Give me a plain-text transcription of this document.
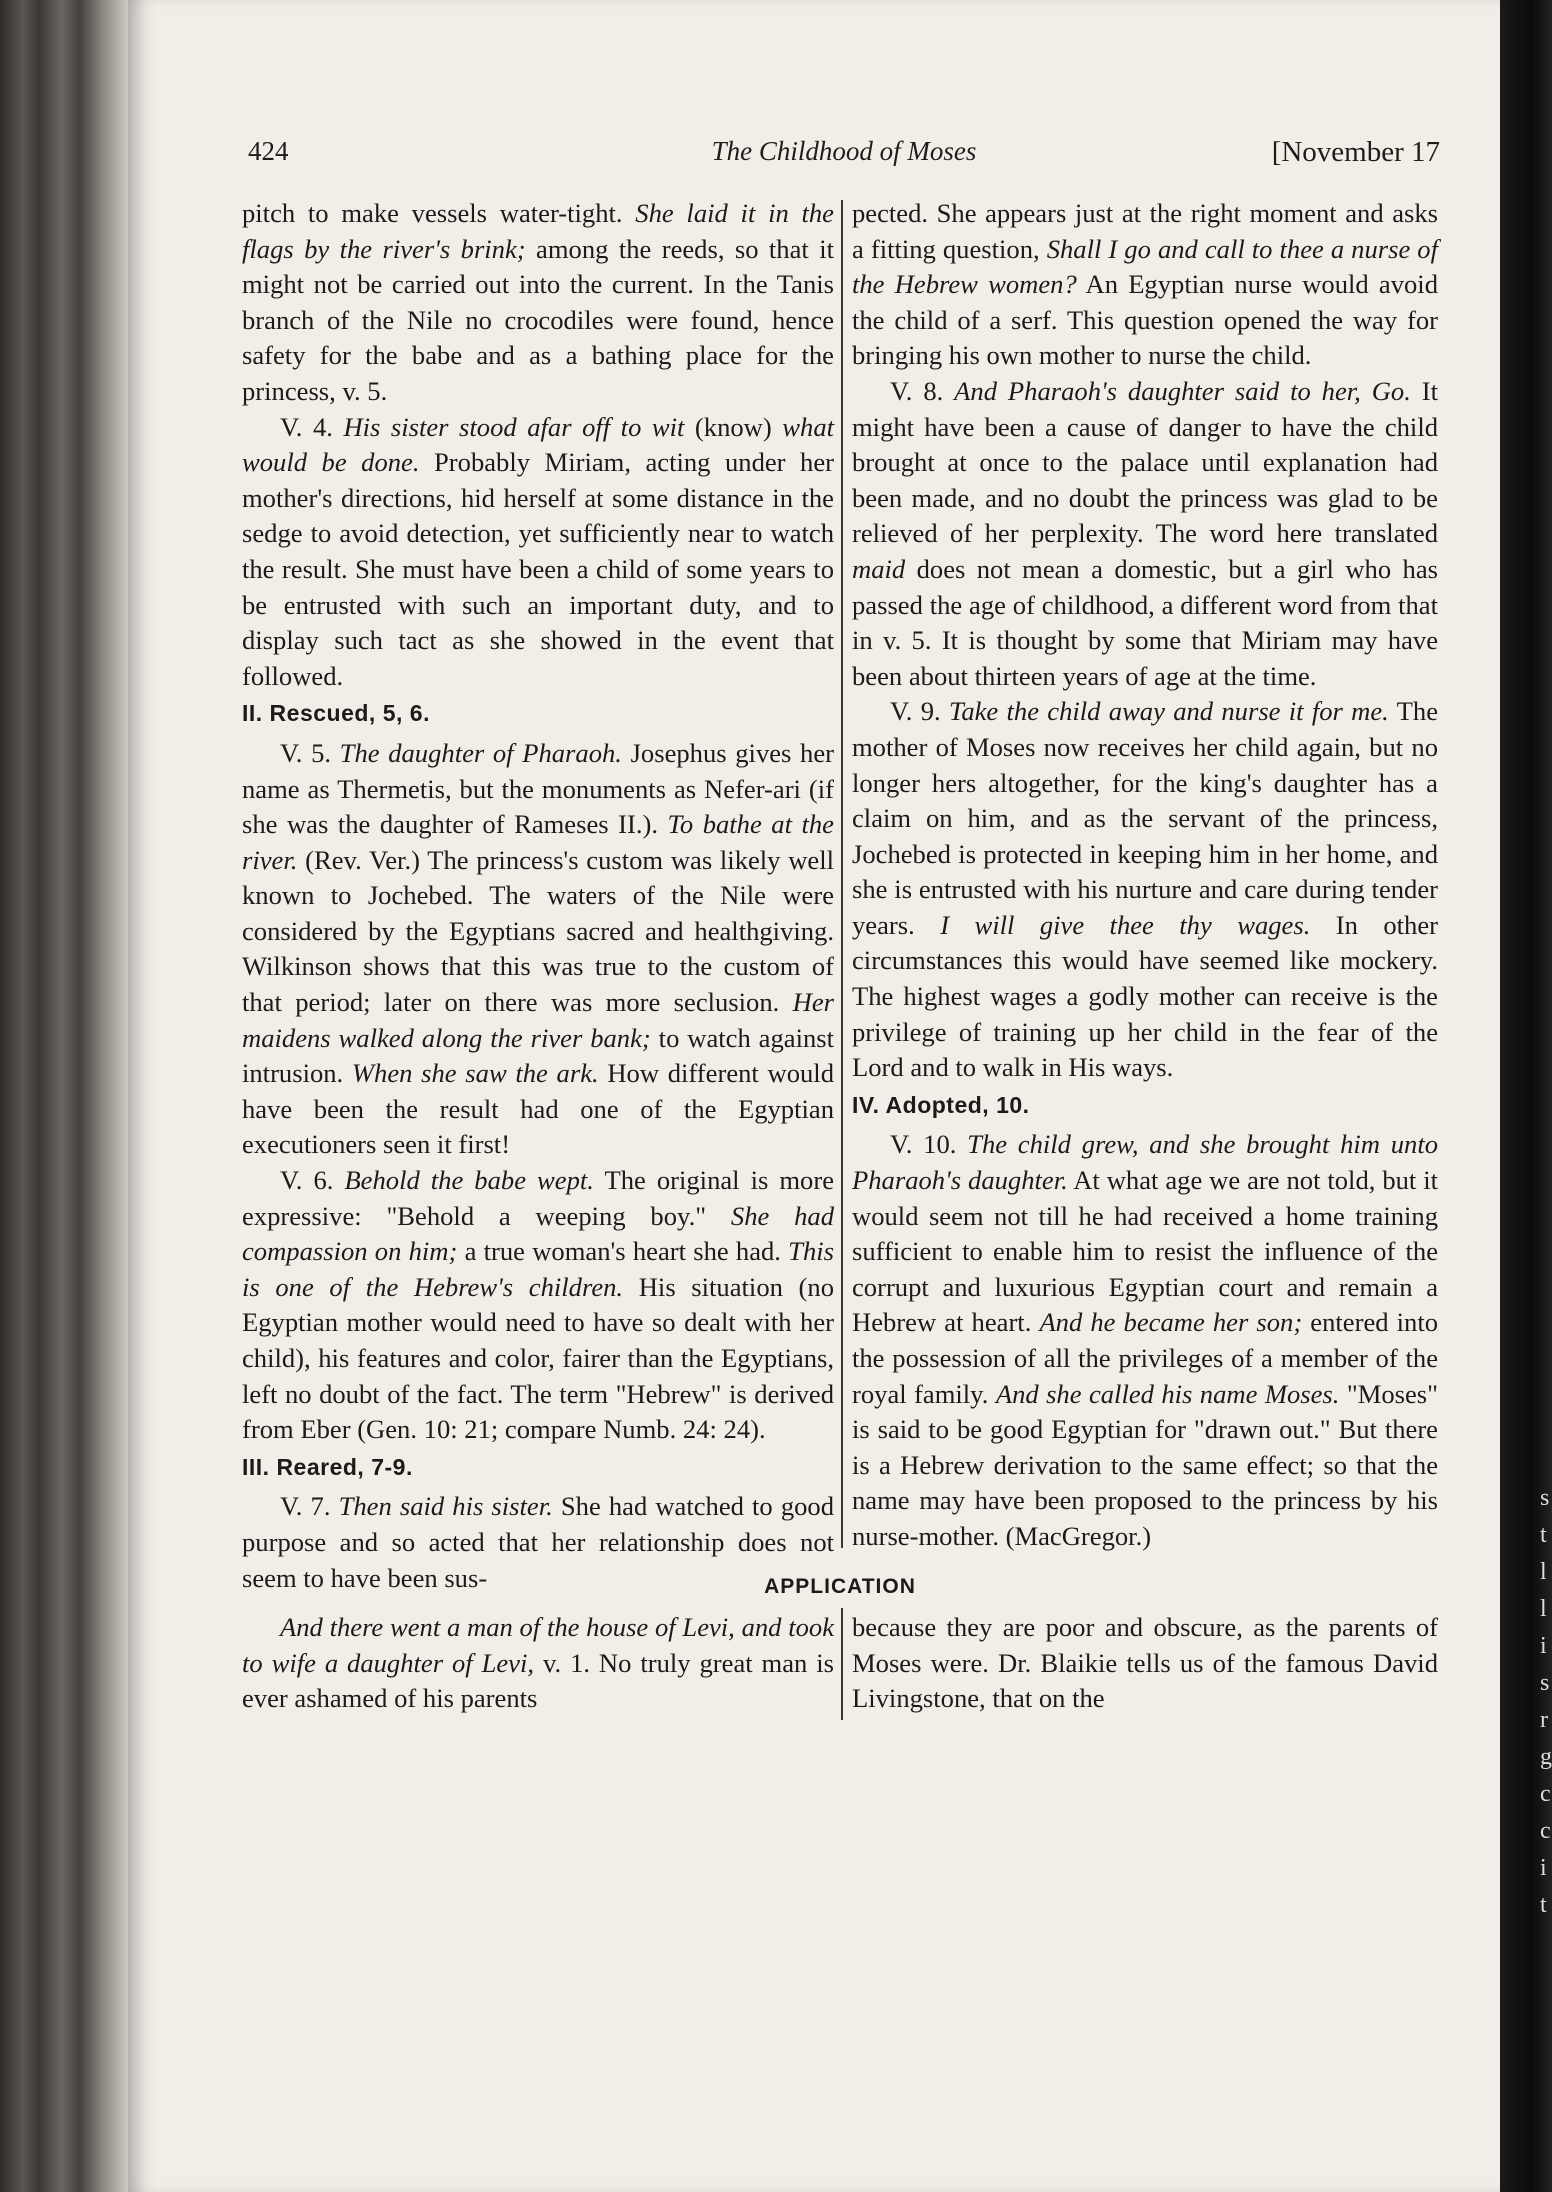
424	The Childhood of Moses	[November 17

pitch to make vessels water-tight. She laid it in the flags by the river's brink; among the reeds, so that it might not be carried out into the current. In the Tanis branch of the Nile no crocodiles were found, hence safety for the babe and as a bathing place for the princess, v. 5.

V. 4. His sister stood afar off to wit (know) what would be done. Probably Miriam, acting under her mother's directions, hid herself at some distance in the sedge to avoid detection, yet sufficiently near to watch the result. She must have been a child of some years to be entrusted with such an important duty, and to display such tact as she showed in the event that followed.

II. Rescued, 5, 6.

V. 5. The daughter of Pharaoh. Josephus gives her name as Thermetis, but the monuments as Nefer-ari (if she was the daughter of Rameses II.). To bathe at the river. (Rev. Ver.) The princess's custom was likely well known to Jochebed. The waters of the Nile were considered by the Egyptians sacred and healthgiving. Wilkinson shows that this was true to the custom of that period; later on there was more seclusion. Her maidens walked along the river bank; to watch against intrusion. When she saw the ark. How different would have been the result had one of the Egyptian executioners seen it first!

V. 6. Behold the babe wept. The original is more expressive: "Behold a weeping boy." She had compassion on him; a true woman's heart she had. This is one of the Hebrew's children. His situation (no Egyptian mother would need to have so dealt with her child), his features and color, fairer than the Egyptians, left no doubt of the fact. The term "Hebrew" is derived from Eber (Gen. 10: 21; compare Numb. 24: 24).

III. Reared, 7-9.

V. 7. Then said his sister. She had watched to good purpose and so acted that her relationship does not seem to have been sus-

pected. She appears just at the right moment and asks a fitting question, Shall I go and call to thee a nurse of the Hebrew women? An Egyptian nurse would avoid the child of a serf. This question opened the way for bringing his own mother to nurse the child.

V. 8. And Pharaoh's daughter said to her, Go. It might have been a cause of danger to have the child brought at once to the palace until explanation had been made, and no doubt the princess was glad to be relieved of her perplexity. The word here translated maid does not mean a domestic, but a girl who has passed the age of childhood, a different word from that in v. 5. It is thought by some that Miriam may have been about thirteen years of age at the time.

V. 9. Take the child away and nurse it for me. The mother of Moses now receives her child again, but no longer hers altogether, for the king's daughter has a claim on him, and as the servant of the princess, Jochebed is protected in keeping him in her home, and she is entrusted with his nurture and care during tender years. I will give thee thy wages. In other circumstances this would have seemed like mockery. The highest wages a godly mother can receive is the privilege of training up her child in the fear of the Lord and to walk in His ways.

IV. Adopted, 10.

V. 10. The child grew, and she brought him unto Pharaoh's daughter. At what age we are not told, but it would seem not till he had received a home training sufficient to enable him to resist the influence of the corrupt and luxurious Egyptian court and remain a Hebrew at heart. And he became her son; entered into the possession of all the privileges of a member of the royal family. And she called his name Moses. "Moses" is said to be good Egyptian for "drawn out." But there is a Hebrew derivation to the same effect; so that the name may have been proposed to the princess by his nurse-mother. (MacGregor.)

APPLICATION

And there went a man of the house of Levi, and took to wife a daughter of Levi, v. 1. No truly great man is ever ashamed of his parents

because they are poor and obscure, as the parents of Moses were. Dr. Blaikie tells us of the famous David Livingstone, that on the

s
t
l
l
i
s
r
g
c
c
i
t
